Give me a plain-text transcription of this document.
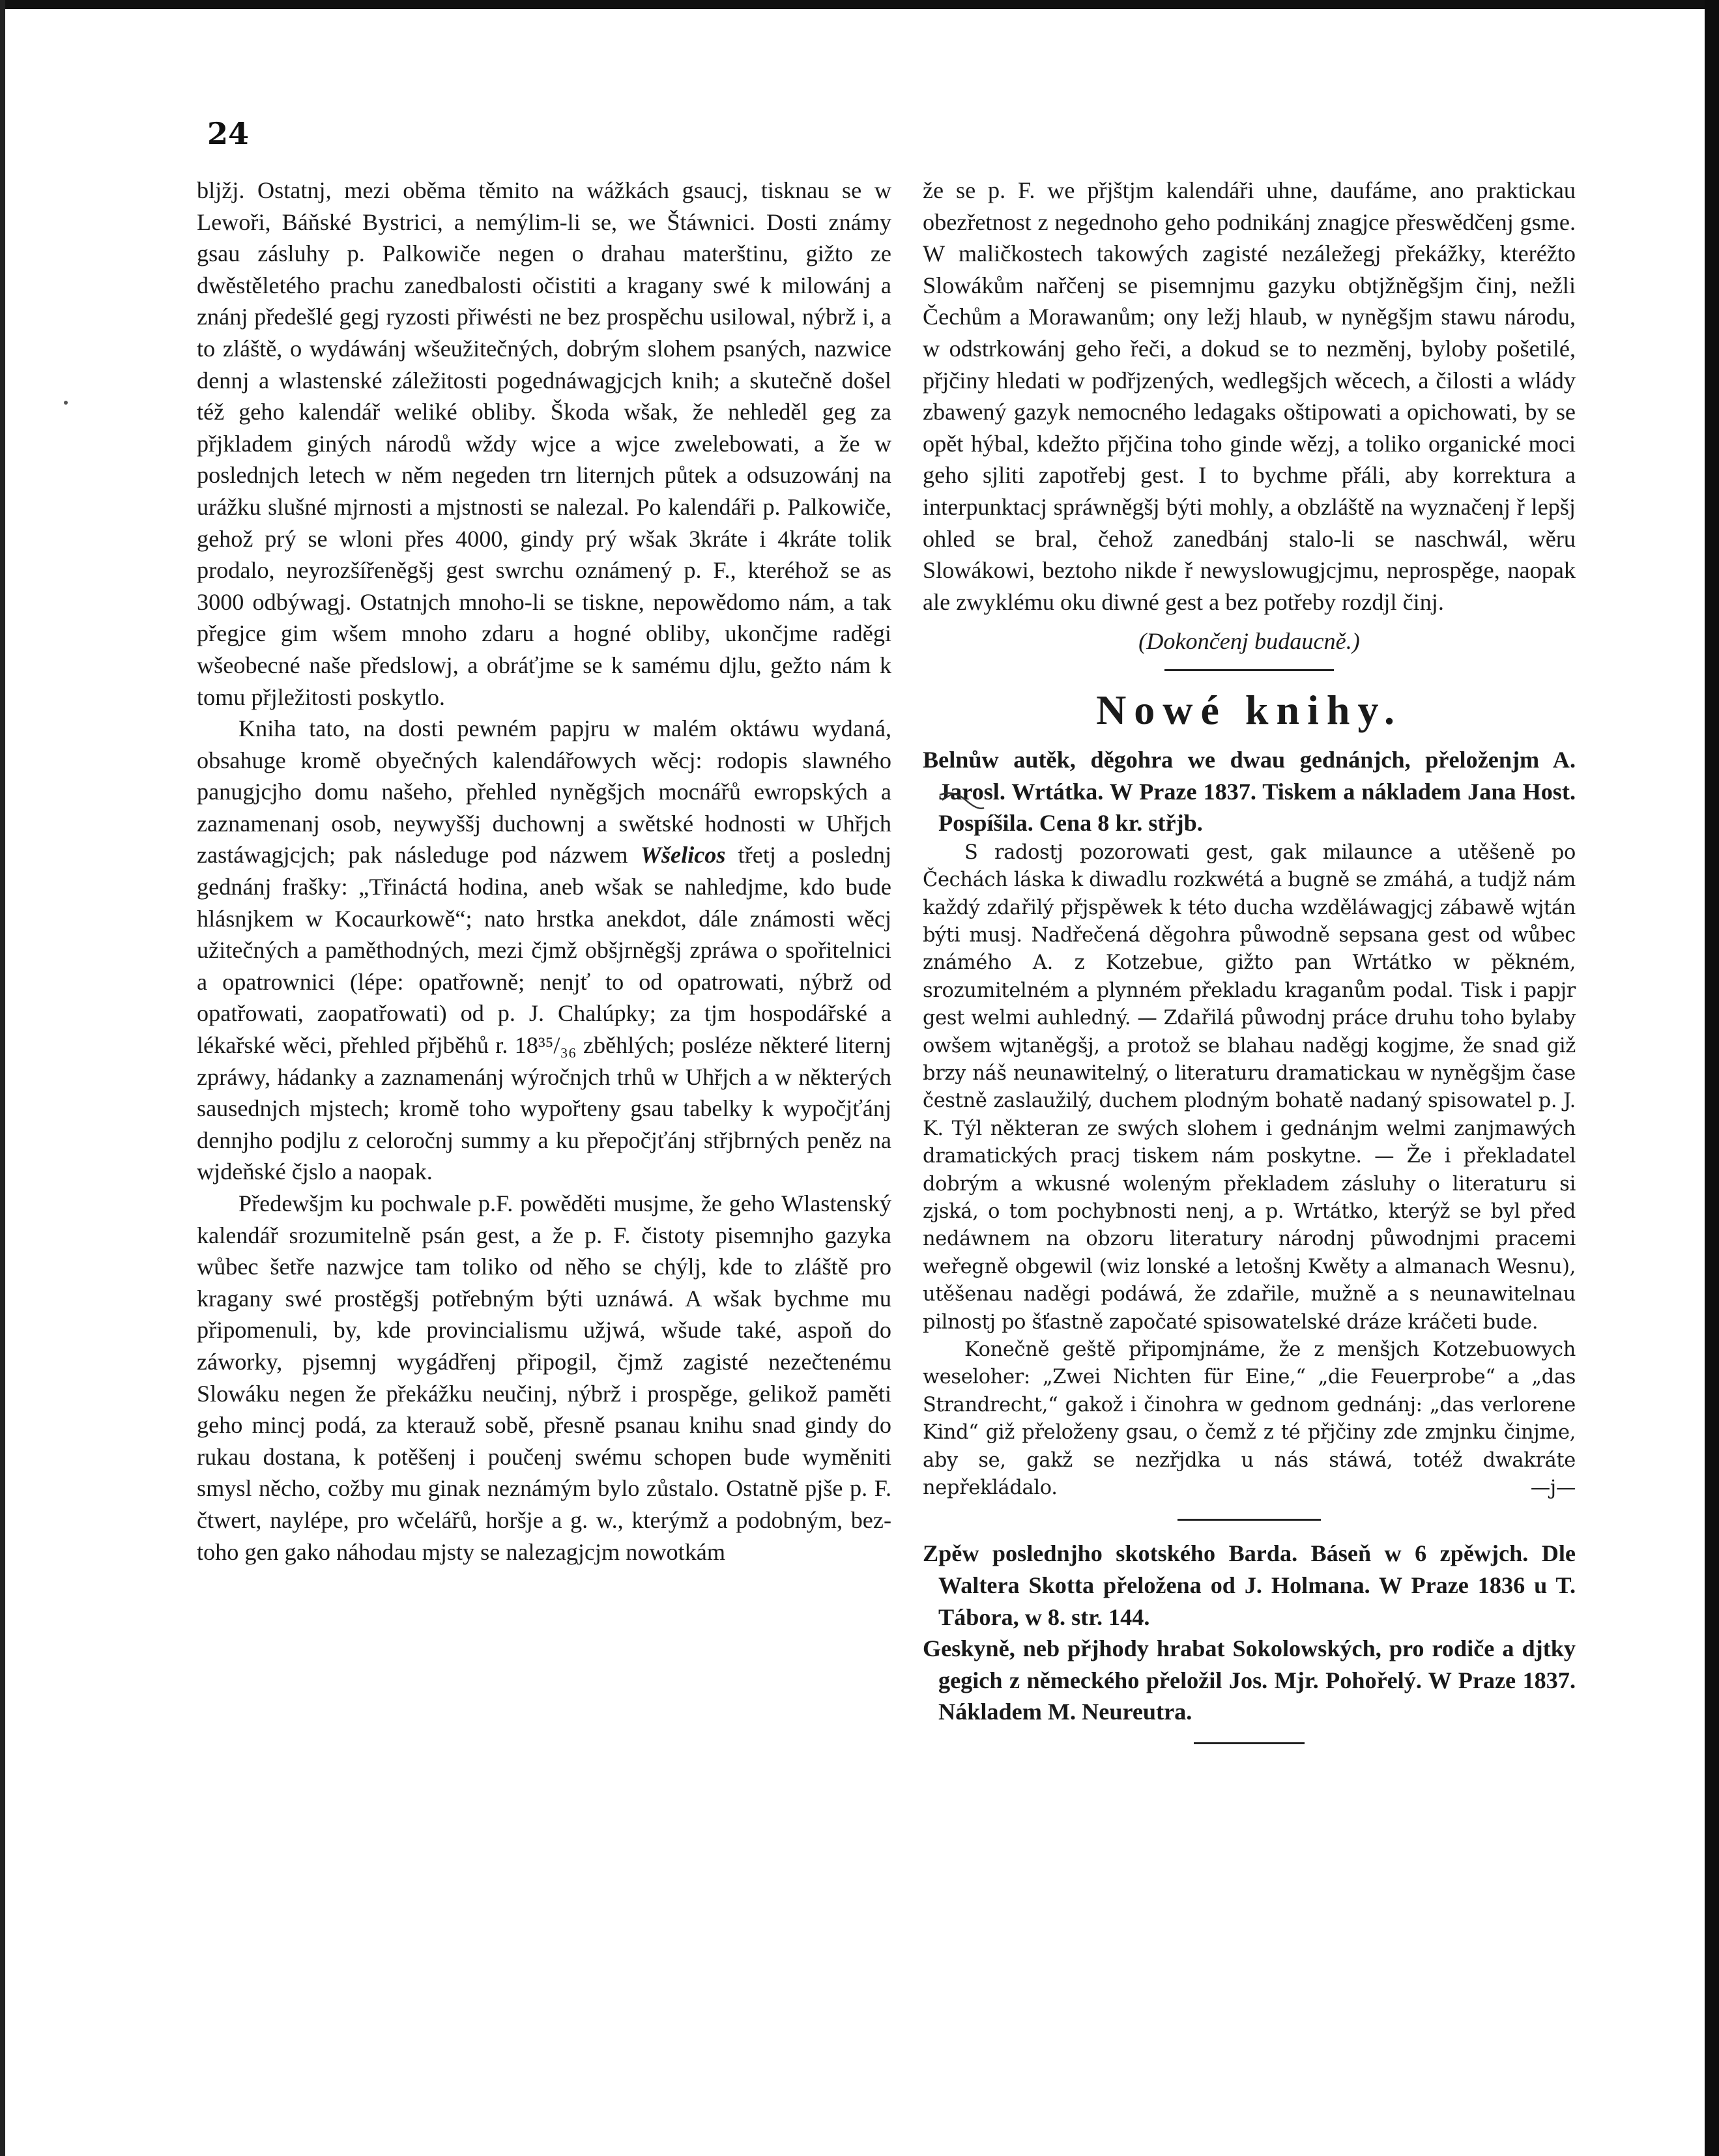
24

bljžj. Ostatnj, mezi oběma těmito na wážkách gsaucj, tisknau se w Lewoři, Báňské Bystrici, a nemýlim-li se, we Štáwnici. Dosti známy gsau zásluhy p. Palkowiče negen o drahau materštinu, gižto ze dwěstěletého prachu zanedbalosti očistiti a kragany swé k milowánj a znánj předešlé gegj ryzosti přiwésti ne bez prospěchu usilowal, nýbrž i, a to zláště, o wydáwánj wšeužitečných, dobrým slohem psaných, nazwice dennj a wlastenské záležitosti pogednáwagjcjch knih; a skutečně došel též geho kalendář weliké obliby. Škoda wšak, že nehleděl geg za přjkladem giných národů wždy wjce a wjce zwelebowati, a že w poslednjch letech w něm negeden trn liternjch půtek a odsuzowánj na urážku slušné mjrnosti a mjstnosti se nalezal. Po kalendáři p. Palkowiče, gehož prý se wloni přes 4000, gindy prý wšak 3kráte i 4kráte tolik prodalo, neyrozšířeněgšj gest swrchu oznámený p. F., kteréhož se as 3000 odbýwagj. Ostatnjch mnoho-li se tiskne, nepowědomo nám, a tak přegjce gim wšem mnoho zdaru a hogné obliby, ukončjme raděgi wšeobecné naše předslowj, a obráťjme se k samému djlu, gežto nám k tomu přjležitosti poskytlo.

Kniha tato, na dosti pewném papjru w malém oktáwu wydaná, obsahuge kromě obyečných kalendářowych wěcj: rodopis slawného panugjcjho domu našeho, přehled nyněgšjch mocnářů ewropských a zaznamenanj osob, neywyššj duchownj a swětské hodnosti w Uhřjch zastáwagjcjch; pak následuge pod názwem Wšelicos třetj a poslednj gednánj frašky: „Třináctá hodina, aneb wšak se nahledjme, kdo bude hlásnjkem w Kocaurkowě“; nato hrstka anekdot, dále známosti wěcj užitečných a paměthodných, mezi čjmž obšjrněgšj zpráwa o spořitelnici a opatrownici (lépe: opatřowně; nenjť to od opatrowati, nýbrž od opatřowati, zaopatřowati) od p. J. Chalúpky; za tjm hospodářské a lékařské wěci, přehled přjběhů r. 18³⁵/₃₆ zběhlých; posléze některé liternj zpráwy, hádanky a zaznamenánj wýročnjch trhů w Uhřjch a w některých sausednjch mjstech; kromě toho wypořteny gsau tabelky k wypočjťánj dennjho podjlu z celoročnj summy a ku přepočjťánj střjbrných peněz na wjdeňské čjslo a naopak.

Předewšjm ku pochwale p.F. powěděti musjme, že geho Wlastenský kalendář srozumitelně psán gest, a že p. F. čistoty pisemnjho gazyka wůbec šetře nazwjce tam toliko od něho se chýlj, kde to zláště pro kragany swé prostěgšj potřebným býti uznáwá. A wšak bychme mu připomenuli, by, kde provincialismu užjwá, wšude také, aspoň do záworky, pjsemnj wygádřenj připogil, čjmž zagisté nezečtenému Slowáku negen že překážku neučinj, nýbrž i prospěge, gelikož paměti geho mincj podá, za kterauž sobě, přesně psanau knihu snad gindy do rukau dostana, k potěšenj i poučenj swému schopen bude wyměniti smysl něcho, cožby mu ginak neznámým bylo zůstalo. Ostatně pjše p. F. čtwert, naylépe, pro wčelářů, horšje a g. w., kterýmž a podobným, beztoho gen gako náhodau mjsty se nalezagjcjm nowotkám

že se p. F. we přjštjm kalendáři uhne, daufáme, ano praktickau obezřetnost z negednoho geho podnikánj znagjce přeswědčenj gsme. W maličkostech takowých zagisté nezáležegj překážky, kteréžto Slowákům nařčenj se pisemnjmu gazyku obtjžněgšjm činj, nežli Čechům a Morawanům; ony ležj hlaub, w nyněgšjm stawu národu, w odstrkowánj geho řeči, a dokud se to nezměnj, byloby pošetilé, přjčiny hledati w podřjzených, wedlegšjch wěcech, a čilosti a wlády zbawený gazyk nemocného ledagaks oštipowati a opichowati, by se opět hýbal, kdežto přjčina toho ginde wězj, a toliko organické moci geho sjliti zapotřebj gest. I to bychme přáli, aby korrektura a interpunktacj spráwněgšj býti mohly, a obzláště na wyznačenj ř lepšj ohled se bral, čehož zanedbánj stalo-li se naschwál, wěru Slowákowi, beztoho nikde ř newyslowugjcjmu, neprospěge, naopak ale zwyklému oku diwné gest a bez potřeby rozdjl činj.

(Dokončenj budaucně.)

Nowé knihy.

Belnůw autěk, děgohra we dwau gednánjch, přeloženjm A. Jarosl. Wrtátka. W Praze 1837. Tiskem a nákladem Jana Host. Pospíšila. Cena 8 kr. střjb.

S radostj pozorowati gest, gak milaunce a utěšeně po Čechách láska k diwadlu rozkwétá a bugně se zmáhá, a tudjž nám každý zdařilý přjspěwek k této ducha wzděláwagjcj zábawě wjtán býti musj. Nadřečená děgohra půwodně sepsana gest od wůbec známého A. z Kotzebue, gižto pan Wrtátko w pěkném, srozumitelném a plynném překladu kraganům podal. Tisk i papjr gest welmi auhledný. — Zdařilá půwodnj práce druhu toho bylaby owšem wjtaněgšj, a protož se blahau naděgj kogjme, že snad giž brzy náš neunawitelný, o literaturu dramatickau w nyněgšjm čase čestně zaslaužilý, duchem plodným bohatě nadaný spisowatel p. J. K. Týl některan ze swých slohem i gednánjm welmi zanjmawých dramatických pracj tiskem nám poskytne. — Že i překladatel dobrým a wkusné woleným překladem zásluhy o literaturu si zjská, o tom pochybnosti nenj, a p. Wrtátko, kterýž se byl před nedáwnem na obzoru literatury národnj půwodnjmi pracemi weřegně obgewil (wiz lonské a letošnj Kwěty a almanach Wesnu), utěšenau naděgi podáwá, že zdařile, mužně a s neunawitelnau pilnostj po šťastně započaté spisowatelské dráze kráčeti bude.

Konečně geště připomjnáme, že z menšjch Kotzebuowych weseloher: „Zwei Nichten für Eine,“ „die Feuerprobe“ a „das Strandrecht,“ gakož i činohra w gednom gednánj: „das verlorene Kind“ giž přeloženy gsau, o čemž z té přjčiny zde zmjnku činjme, aby se, gakž se nezřjdka u nás stáwá, totéž dwakráte nepřekládalo.	—j—

Zpěw poslednjho skotského Barda. Báseň w 6 zpěwjch. Dle Waltera Skotta přeložena od J. Holmana. W Praze 1836 u T. Tábora, w 8. str. 144.

Geskyně, neb přjhody hrabat Sokolowských, pro rodiče a djtky gegich z německého přeložil Jos. Mjr. Pohořelý. W Praze 1837. Nákladem M. Neureutra.
